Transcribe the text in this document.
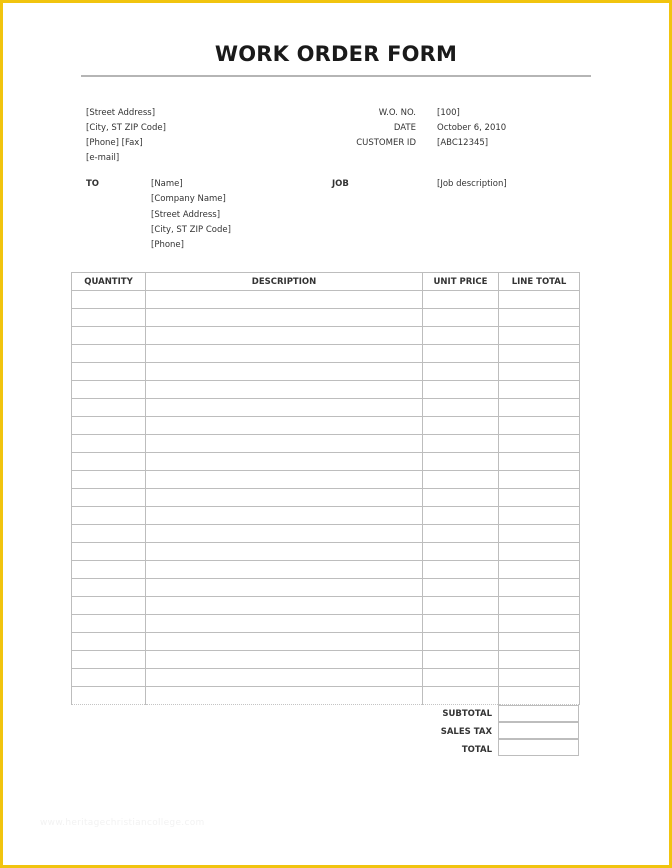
WORK ORDER FORM
[Street Address]
[City, ST ZIP Code]
[Phone] [Fax]
[e-mail]
W.O. NO. [100]
DATE October 6, 2010
CUSTOMER ID [ABC12345]
TO	[Name]
[Company Name]
[Street Address]
[City, ST ZIP Code]
[Phone]
JOB	[Job description]
QUANTITY	DESCRIPTION	UNIT PRICE	LINE TOTAL

SUBTOTAL
SALES TAX
TOTAL
www.heritagechristiancollege.com
